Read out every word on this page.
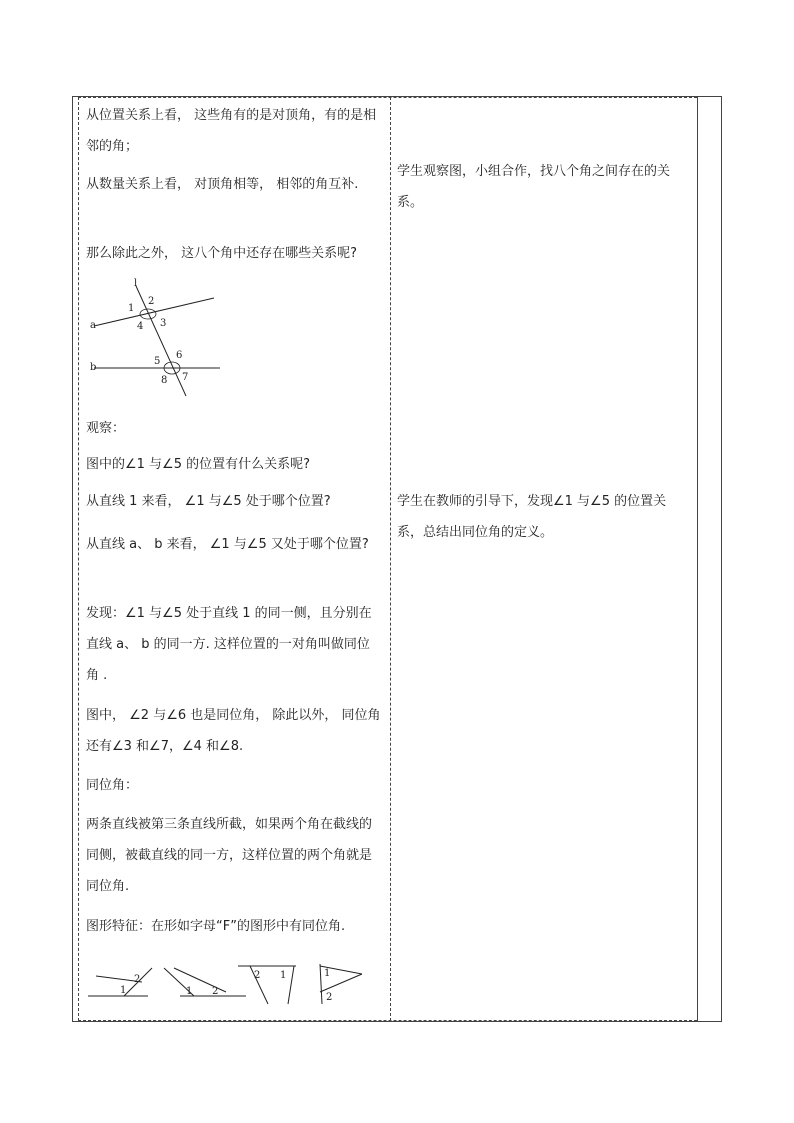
从位置关系上看， 这些角有的是对顶角，有的是相邻的角；

从数量关系上看， 对顶角相等， 相邻的角互补.

那么除此之外， 这八个角中还存在哪些关系呢?

l
a
b
1
2
3
4
5
6
7
8

观察：

图中的∠1 与∠5 的位置有什么关系呢?

从直线 1 来看， ∠1 与∠5 处于哪个位置?

从直线 a、 b 来看， ∠1 与∠5 又处于哪个位置?

发现：∠1 与∠5 处于直线 1 的同一侧，且分别在直线 a、 b 的同一方. 这样位置的一对角叫做同位角 .

图中， ∠2 与∠6 也是同位角， 除此以外， 同位角还有∠3 和∠7，∠4 和∠8.

同位角：

两条直线被第三条直线所截，如果两个角在截线的同侧，被截直线的同一方，这样位置的两个角就是同位角.

图形特征：在形如字母“F”的图形中有同位角.

1
2
1 2
2 1	1
2

学生观察图，小组合作，找八个角之间存在的关系。

学生在教师的引导下，发现∠1 与∠5 的位置关系，总结出同位角的定义。
